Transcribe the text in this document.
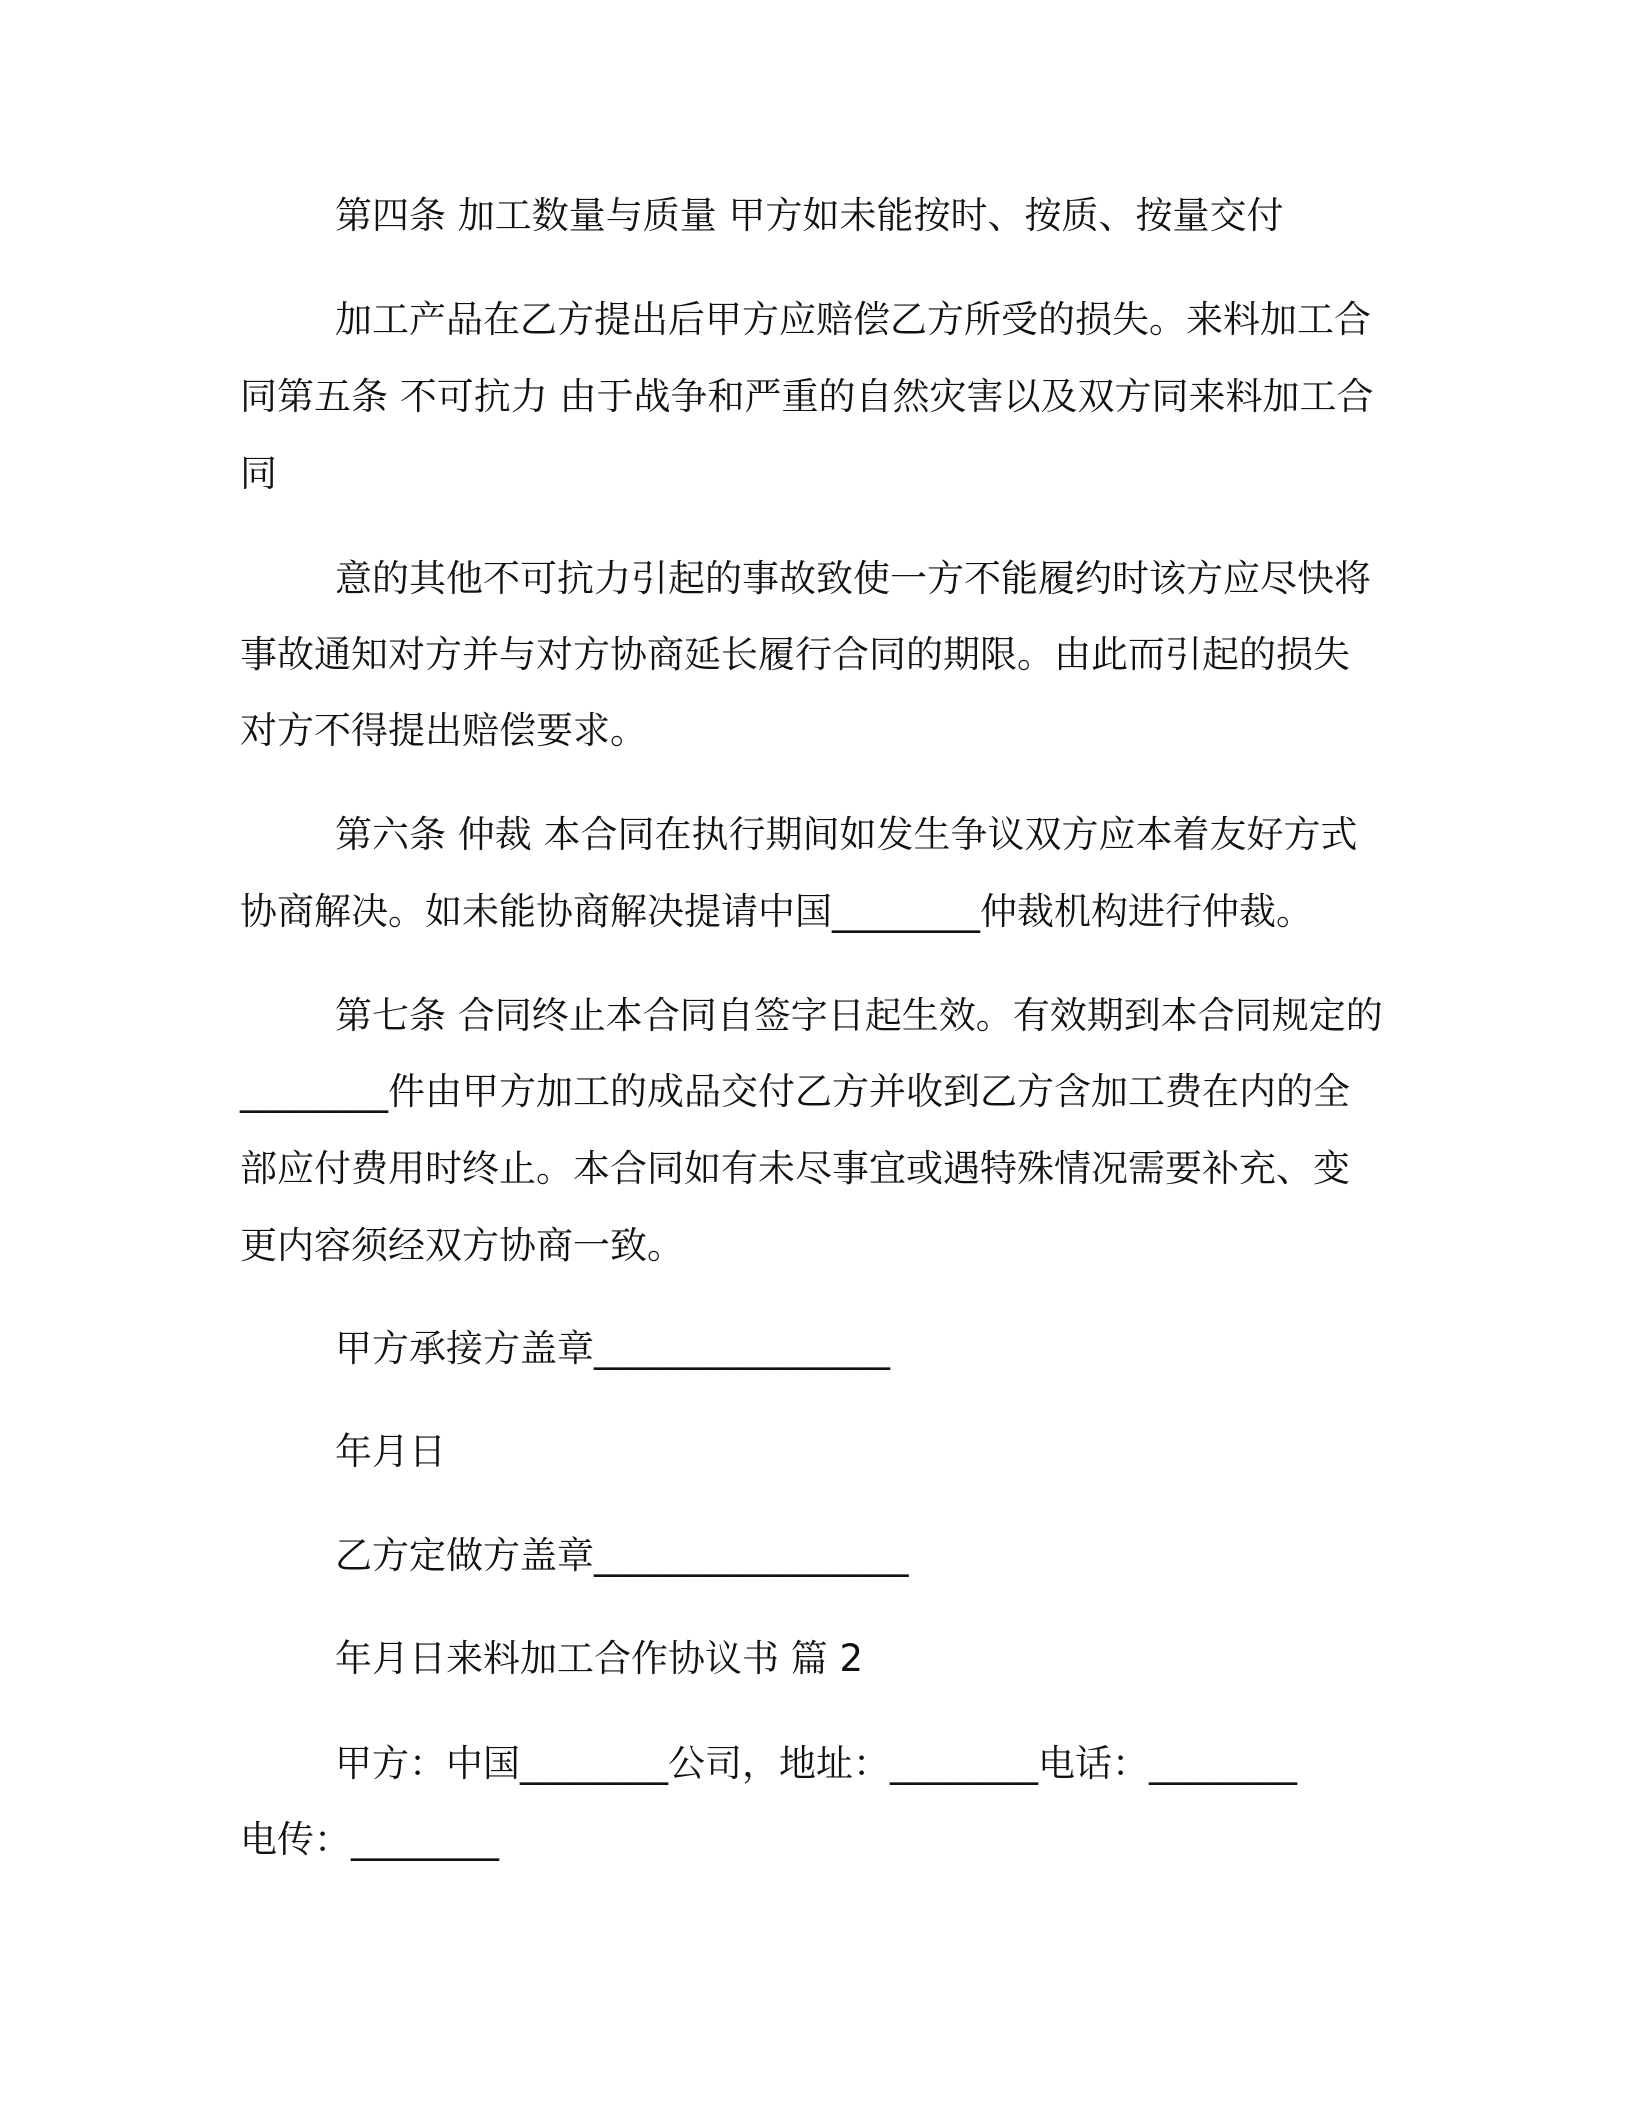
第四条 加工数量与质量 甲方如未能按时、按质、按量交付
加工产品在乙方提出后甲方应赔偿乙方所受的损失。来料加工合
同第五条 不可抗力 由于战争和严重的自然灾害以及双方同来料加工合
同
意的其他不可抗力引起的事故致使一方不能履约时该方应尽快将
事故通知对方并与对方协商延长履行合同的期限。由此而引起的损失
对方不得提出赔偿要求。
第六条 仲裁 本合同在执行期间如发生争议双方应本着友好方式
协商解决。如未能协商解决提请中国________仲裁机构进行仲裁。
第七条 合同终止本合同自签字日起生效。有效期到本合同规定的
________件由甲方加工的成品交付乙方并收到乙方含加工费在内的全
部应付费用时终止。本合同如有未尽事宜或遇特殊情况需要补充、变
更内容须经双方协商一致。
甲方承接方盖章________________
年月日
乙方定做方盖章_________________
年月日来料加工合作协议书 篇 2
甲方：中国________公司，地址：________电话：________
电传：________
